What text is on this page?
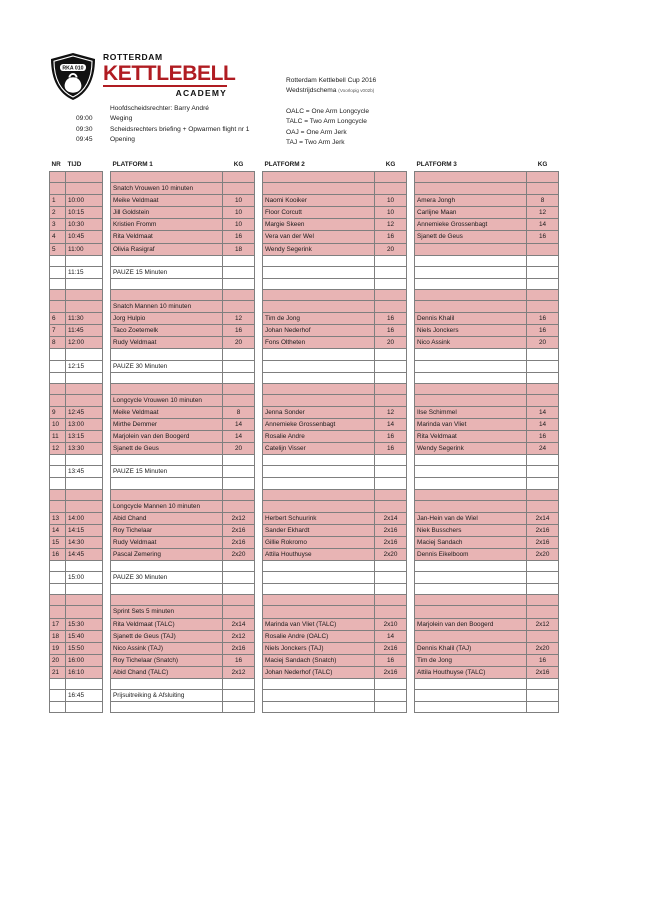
RKA 010
ROTTERDAM
KETTLEBELL
ACADEMY
Hoofdscheidsrechter: Barry André
09:00	Weging
09:30	Scheidsrechters briefing + Opwarmen flight nr 1
09:45	Opening
Rotterdam Kettlebell Cup 2016
Wedstrijdschema (Voorlopig v002b)
OALC = One Arm Longcycle
TALC = Two Arm Longcycle
OAJ = One Arm Jerk
TAJ = Two Arm Jerk
NR	TIJD		PLATFORM 1	KG		PLATFORM 2	KG		PLATFORM 3	KG

			Snatch Vrouwen 10 minuten							
1	10:00		Meike Veldmaat	10		Naomi Kooiker	10		Amera Jongh	8
2	10:15		Jill Goldstein	10		Floor Corcutt	10		Carlijne Maan	12
3	10:30		Kristien Fromm	10		Margie Skeen	12		Annemieke Grossenbagt	14
4	10:45		Rita Veldmaat	16		Vera van der Wel	16		Sjanett de Geus	16
5	11:00		Olivia Rasigraf	18		Wendy Segerink	20			

	11:15		PAUZE 15 Minuten							

			Snatch Mannen 10 minuten							
6	11:30		Jorg Hulpio	12		Tim de Jong	16		Dennis Khalil	16
7	11:45		Taco Zoetemelk	16		Johan Nederhof	16		Niels Jonckers	16
8	12:00		Rudy Veldmaat	20		Fons Oltheten	20		Nico Assink	20

	12:15		PAUZE 30 Minuten							

			Longcycle Vrouwen 10 minuten							
9	12:45		Meike Veldmaat	8		Jenna Sonder	12		Ilse Schimmel	14
10	13:00		Mirthe Demmer	14		Annemieke Grossenbagt	14		Marinda van Vliet	14
11	13:15		Marjolein van den Boogerd	14		Rosalie Andre	16		Rita Veldmaat	16
12	13:30		Sjanett de Geus	20		Catelijn Visser	16		Wendy Segerink	24

	13:45		PAUZE 15 Minuten							

			Longcycle Mannen 10 minuten							
13	14:00		Abid Chand	2x12		Herbert Schuurink	2x14		Jan-Hein van de Wiel	2x14
14	14:15		Roy Tichelaar	2x16		Sander Ekhardt	2x16		Niek Busschers	2x16
15	14:30		Rudy Veldmaat	2x16		Gillie Rokromo	2x16		Maciej Sandach	2x16
16	14:45		Pascal Zemering	2x20		Attila Houthuyse	2x20		Dennis Eikelboom	2x20

	15:00		PAUZE 30 Minuten							

			Sprint Sets 5 minuten							
17	15:30		Rita Veldmaat (TALC)	2x14		Marinda van Vliet (TALC)	2x10		Marjolein van den Boogerd	2x12
18	15:40		Sjanett de Geus (TAJ)	2x12		Rosalie Andre (OALC)	14			
19	15:50		Nico Assink (TAJ)	2x16		Niels Jonckers (TAJ)	2x16		Dennis Khalil (TAJ)	2x20
20	16:00		Roy Tichelaar (Snatch)	16		Maciej Sandach (Snatch)	16		Tim de Jong	16
21	16:10		Abid Chand (TALC)	2x12		Johan Nederhof (TALC)	2x16		Attila Houthuyse (TALC)	2x16

	16:45		Prijsuitreiking & Afsluiting							
